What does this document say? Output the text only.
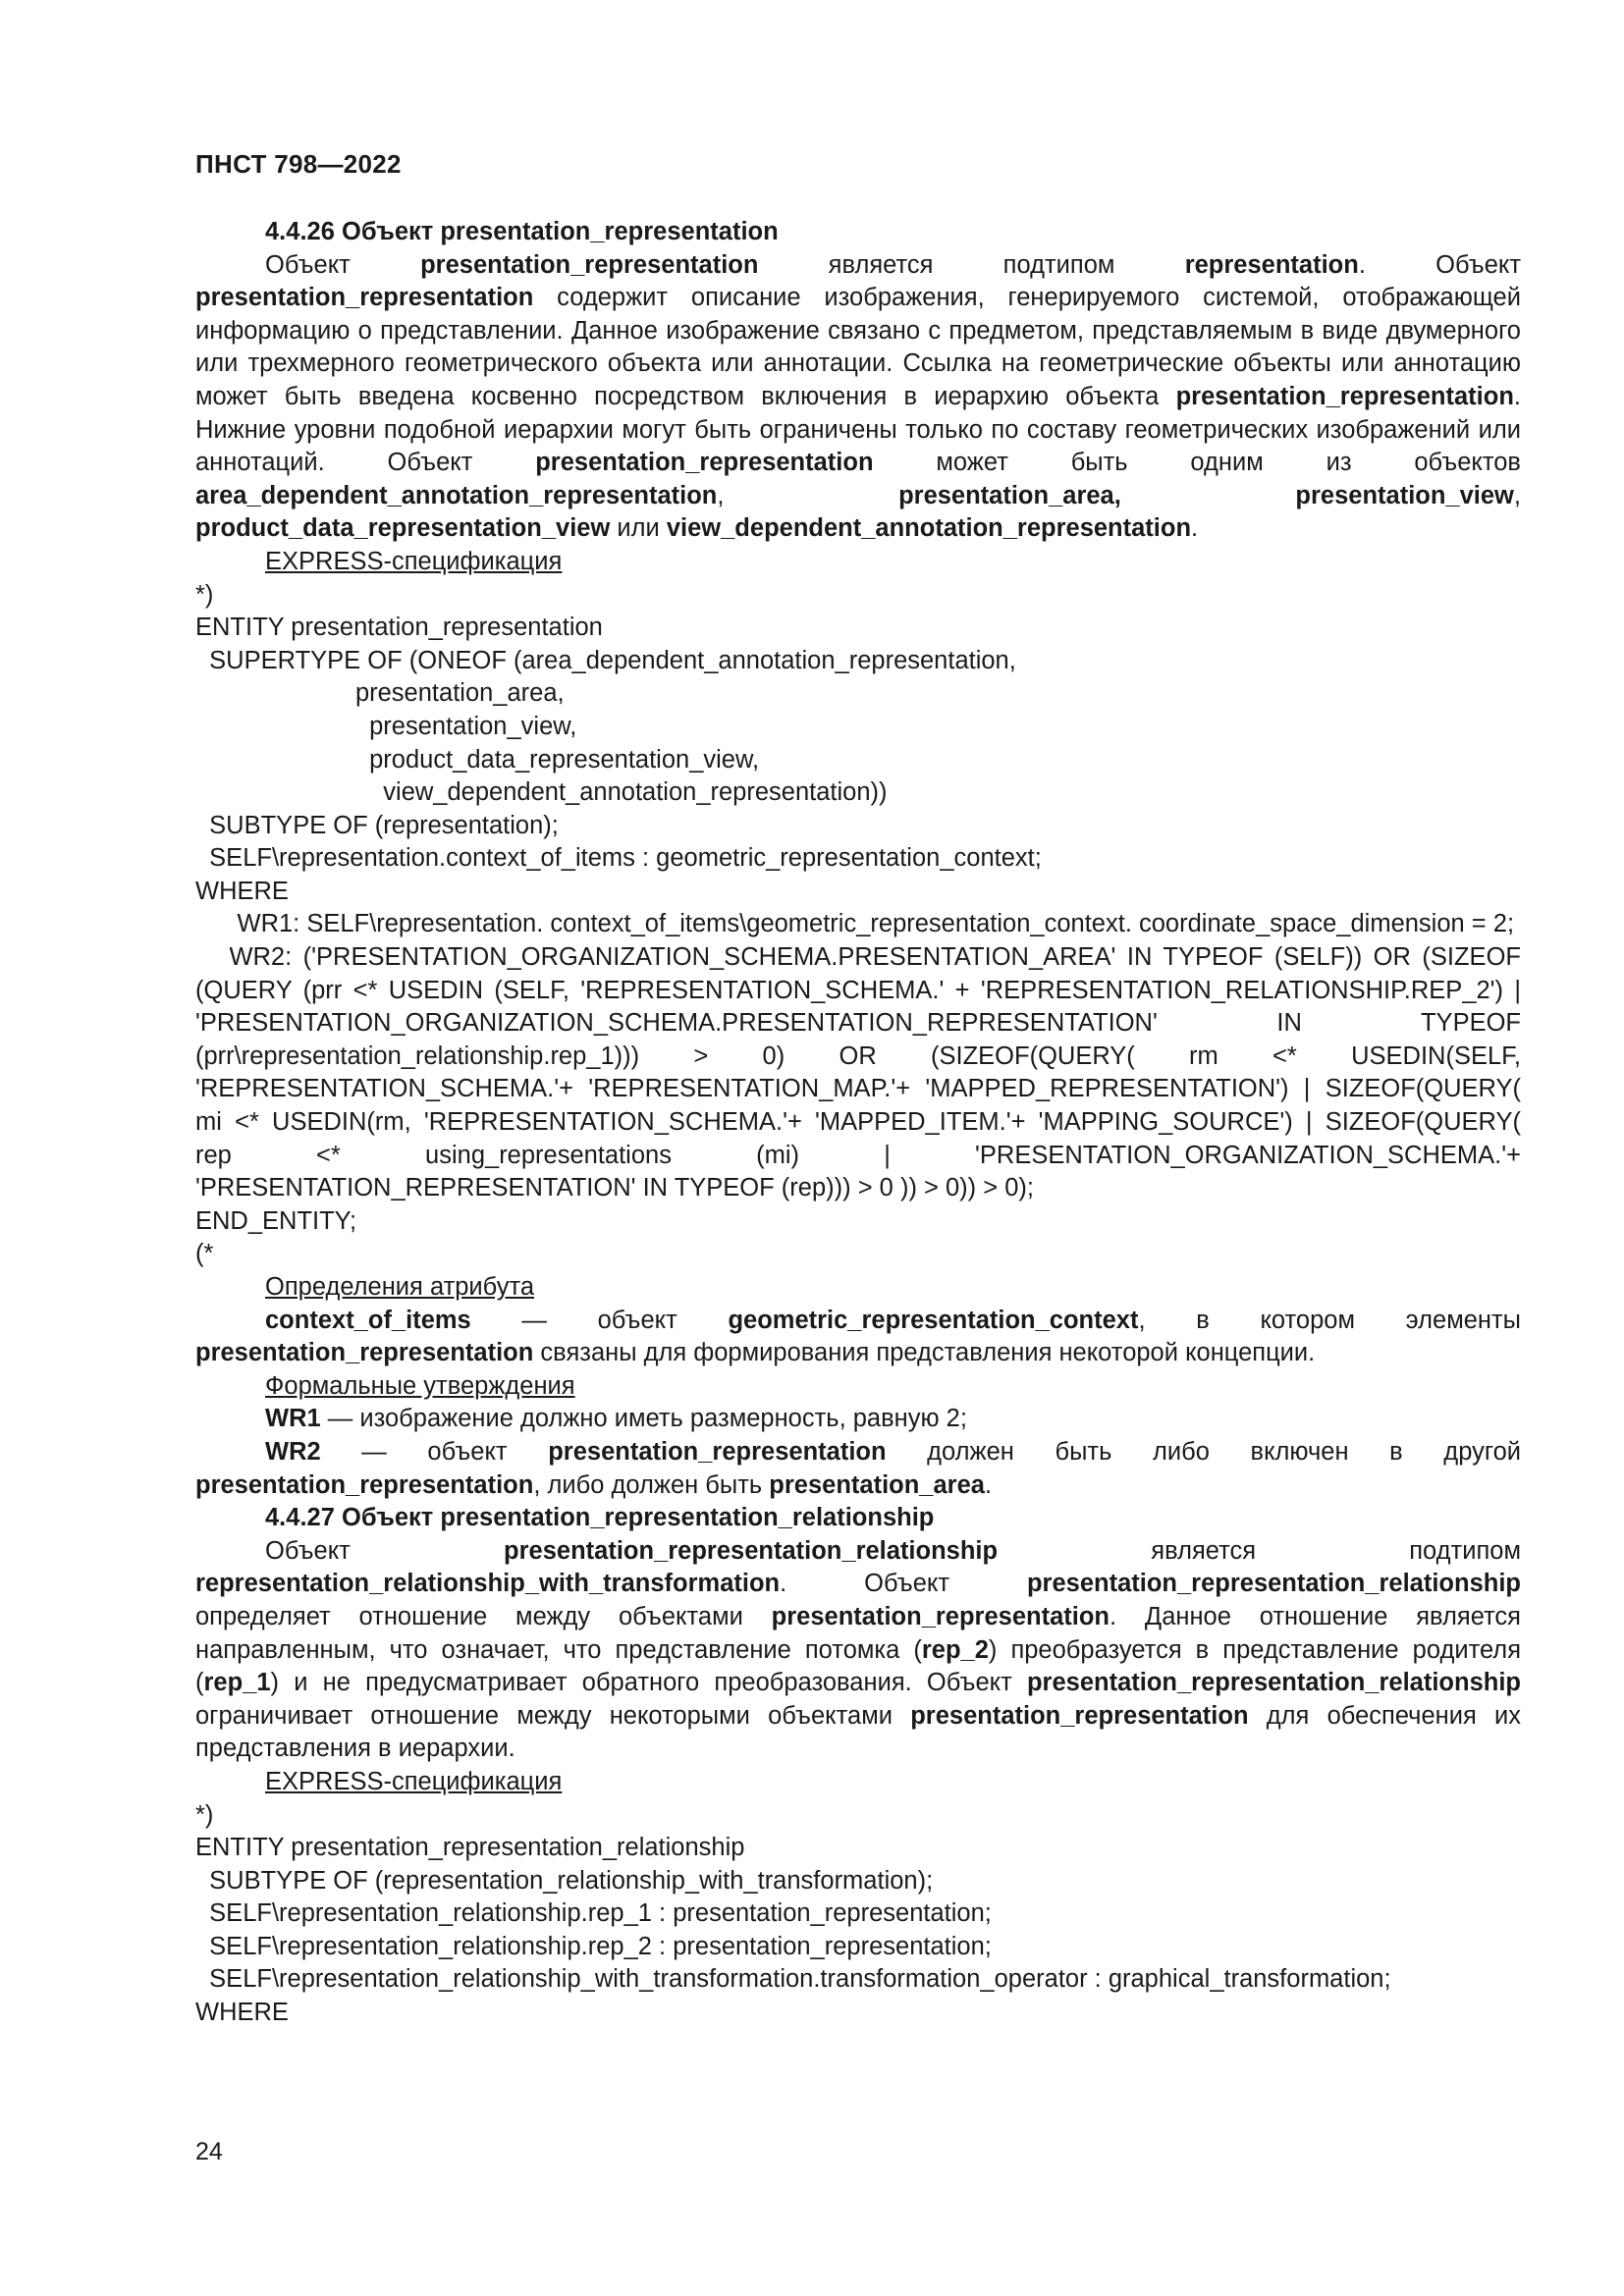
ПНСТ 798—2022

4.4.26 Объект presentation_representation

Объект presentation_representation является подтипом representation. Объект presentation_representation содержит описание изображения, генерируемого системой, отображающей информацию о представлении. Данное изображение связано с предметом, представляемым в виде двумерного или трехмерного геометрического объекта или аннотации. Ссылка на геометрические объекты или аннотацию может быть введена косвенно посредством включения в иерархию объекта presentation_representation. Нижние уровни подобной иерархии могут быть ограничены только по составу геометрических изображений или аннотаций. Объект presentation_representation может быть одним из объектов area_dependent_annotation_representation, presentation_area,	presentation_view, product_data_representation_view или view_dependent_annotation_representation.

EXPRESS-спецификация

*)
ENTITY presentation_representation
SUPERTYPE OF (ONEOF (area_dependent_annotation_representation,
presentation_area,
presentation_view,
product_data_representation_view,
view_dependent_annotation_representation))
SUBTYPE OF (representation);
SELF\representation.context_of_items : geometric_representation_context;
WHERE

WR1: SELF\representation. context_of_items\geometric_representation_context. coordinate_space_dimension = 2;

WR2: ('PRESENTATION_ORGANIZATION_SCHEMA.PRESENTATION_AREA' IN TYPEOF (SELF)) OR (SIZEOF (QUERY (prr <* USEDIN (SELF, 'REPRESENTATION_SCHEMA.' + 'REPRESENTATION_RELATIONSHIP.REP_2') | 'PRESENTATION_ORGANIZATION_SCHEMA.PRESENTATION_REPRESENTATION' IN TYPEOF (prr\representation_relationship.rep_1))) > 0) OR (SIZEOF(QUERY( rm <* USEDIN(SELF, 'REPRESENTATION_SCHEMA.'+ 'REPRESENTATION_MAP.'+ 'MAPPED_REPRESENTATION') | SIZEOF(QUERY( mi <* USEDIN(rm, 'REPRESENTATION_SCHEMA.'+ 'MAPPED_ITEM.'+ 'MAPPING_SOURCE') | SIZEOF(QUERY( rep <* using_representations (mi) | 'PRESENTATION_ORGANIZATION_SCHEMA.'+ 'PRESENTATION_REPRESENTATION' IN TYPEOF (rep))) > 0 )) > 0)) > 0);

END_ENTITY;
(*

Определения атрибута

context_of_items — объект geometric_representation_context, в котором элементы presentation_representation связаны для формирования представления некоторой концепции.

Формальные утверждения

WR1 — изображение должно иметь размерность, равную 2;

WR2 — объект presentation_representation должен быть либо включен в другой presentation_representation, либо должен быть presentation_area.

4.4.27 Объект presentation_representation_relationship

Объект presentation_representation_relationship является подтипом representation_relationship_with_transformation. Объект presentation_representation_relationship определяет отношение между объектами presentation_representation. Данное отношение является направленным, что означает, что представление потомка (rep_2) преобразуется в представление родителя (rep_1) и не предусматривает обратного преобразования. Объект presentation_representation_relationship ограничивает отношение между некоторыми объектами presentation_representation для обеспечения их представления в иерархии.

EXPRESS-спецификация

*)
ENTITY presentation_representation_relationship
SUBTYPE OF (representation_relationship_with_transformation);
SELF\representation_relationship.rep_1 : presentation_representation;
SELF\representation_relationship.rep_2 : presentation_representation;
SELF\representation_relationship_with_transformation.transformation_operator : graphical_transformation;
WHERE
24
